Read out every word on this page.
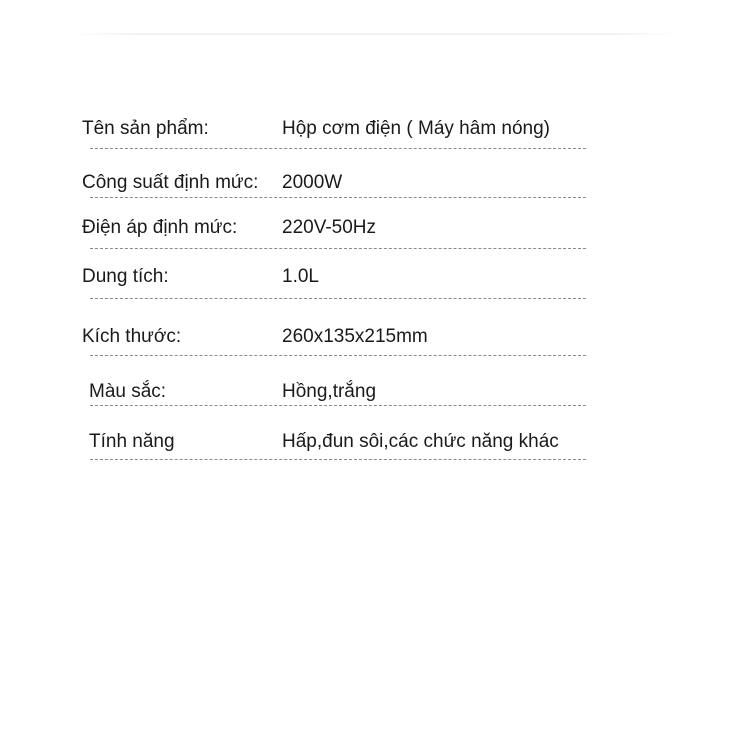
Tên sản phẩm:	Hộp cơm điện ( Máy hâm nóng)
Công suất định mức: 2000W
Điện áp định mức: 220V-50Hz
Dung tích:	1.0L
Kích thước:	260x135x215mm
Màu sắc:	Hồng,trắng
Tính năng	Hấp,đun sôi,các chức năng khác
